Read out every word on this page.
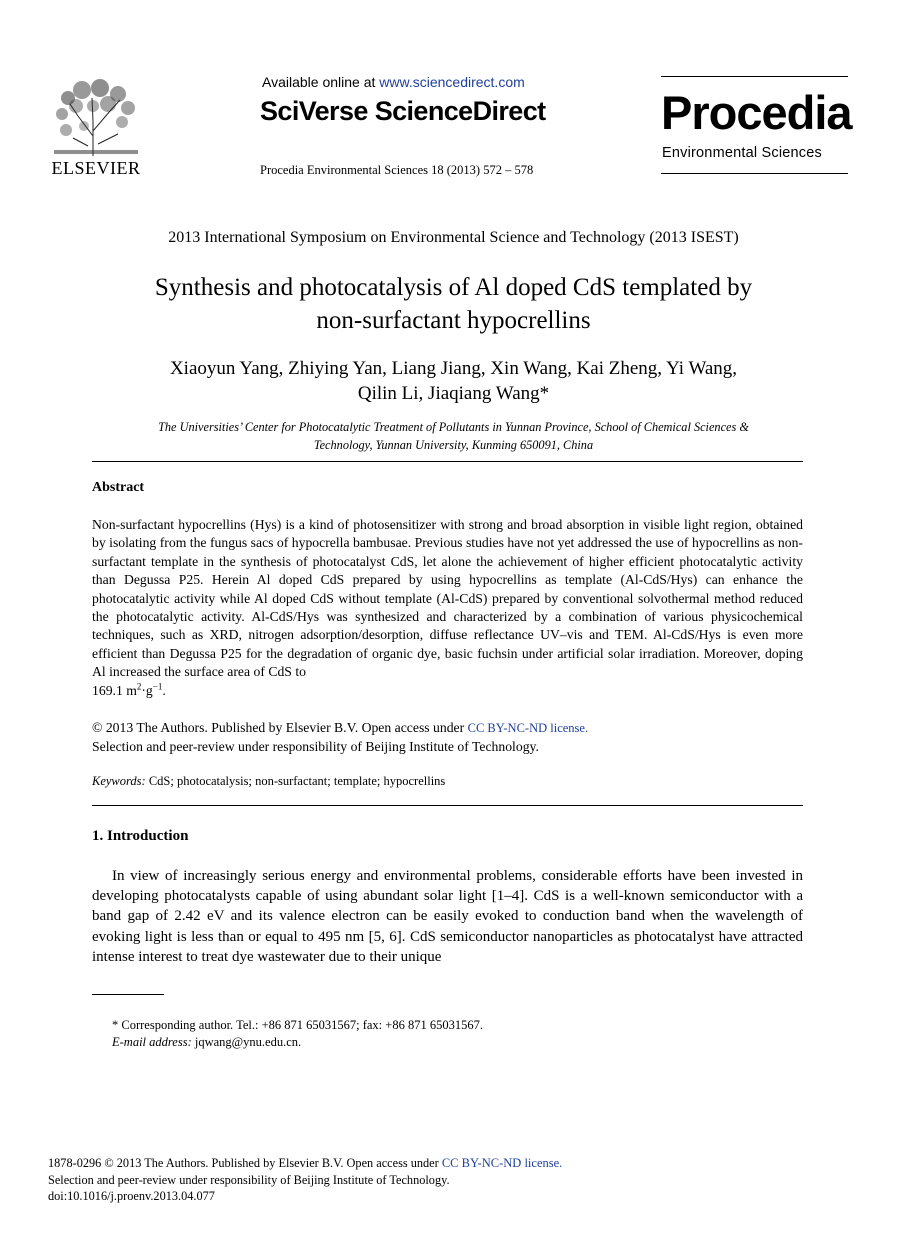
ELSEVIER
Available online at www.sciencedirect.com
SciVerse ScienceDirect
Procedia Environmental Sciences 18 (2013) 572 – 578
Procedia
Environmental Sciences
2013 International Symposium on Environmental Science and Technology (2013 ISEST)
Synthesis and photocatalysis of Al doped CdS templated by
non-surfactant hypocrellins
Xiaoyun Yang, Zhiying Yan, Liang Jiang, Xin Wang, Kai Zheng, Yi Wang,
Qilin Li, Jiaqiang Wang*
The Universities’ Center for Photocatalytic Treatment of Pollutants in Yunnan Province, School of Chemical Sciences &
Technology, Yunnan University, Kunming 650091, China
Abstract
Non-surfactant hypocrellins (Hys) is a kind of photosensitizer with strong and broad absorption in visible light region, obtained by isolating from the fungus sacs of hypocrella bambusae. Previous studies have not yet addressed the use of hypocrellins as non-surfactant template in the synthesis of photocatalyst CdS, let alone the achievement of higher efficient photocatalytic activity than Degussa P25. Herein Al doped CdS prepared by using hypocrellins as template (Al-CdS/Hys) can enhance the photocatalytic activity while Al doped CdS without template (Al-CdS) prepared by conventional solvothermal method reduced the photocatalytic activity. Al-CdS/Hys was synthesized and characterized by a combination of various physicochemical techniques, such as XRD, nitrogen adsorption/desorption, diffuse reflectance UV–vis and TEM. Al-CdS/Hys is even more efficient than Degussa P25 for the degradation of organic dye, basic fuchsin under artificial solar irradiation. Moreover, doping Al increased the surface area of CdS to
169.1 $m^2\cdot g^{-1}$.
© 2013 The Authors. Published by Elsevier B.V. Open access under CC BY-NC-ND license.
Selection and peer-review under responsibility of Beijing Institute of Technology.
Keywords: CdS; photocatalysis; non-surfactant; template; hypocrellins
1. Introduction
In view of increasingly serious energy and environmental problems, considerable efforts have been invested in developing photocatalysts capable of using abundant solar light [1–4]. CdS is a well-known semiconductor with a band gap of 2.42 eV and its valence electron can be easily evoked to conduction band when the wavelength of evoking light is less than or equal to 495 nm [5, 6]. CdS semiconductor nanoparticles as photocatalyst have attracted intense interest to treat dye wastewater due to their unique
* Corresponding author. Tel.: +86 871 65031567; fax: +86 871 65031567.
E-mail address: jqwang@ynu.edu.cn.
1878-0296 © 2013 The Authors. Published by Elsevier B.V. Open access under CC BY-NC-ND license.
Selection and peer-review under responsibility of Beijing Institute of Technology.
doi:10.1016/j.proenv.2013.04.077
